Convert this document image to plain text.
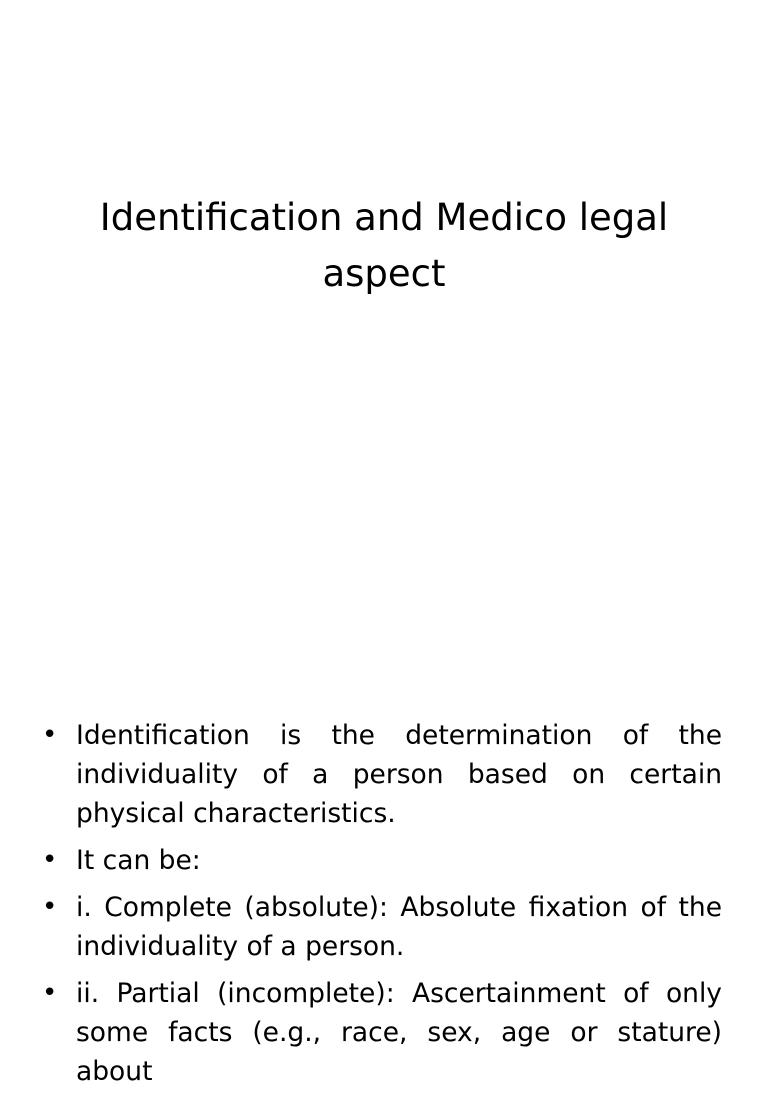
Identification and Medico legal aspect
• Identification is the determination of the individuality of a person based on certain physical characteristics.
• It can be:
• i. Complete (absolute): Absolute fixation of the individuality of a person.
• ii. Partial (incomplete): Ascertainment of only some facts (e.g., race, sex, age or stature) about
